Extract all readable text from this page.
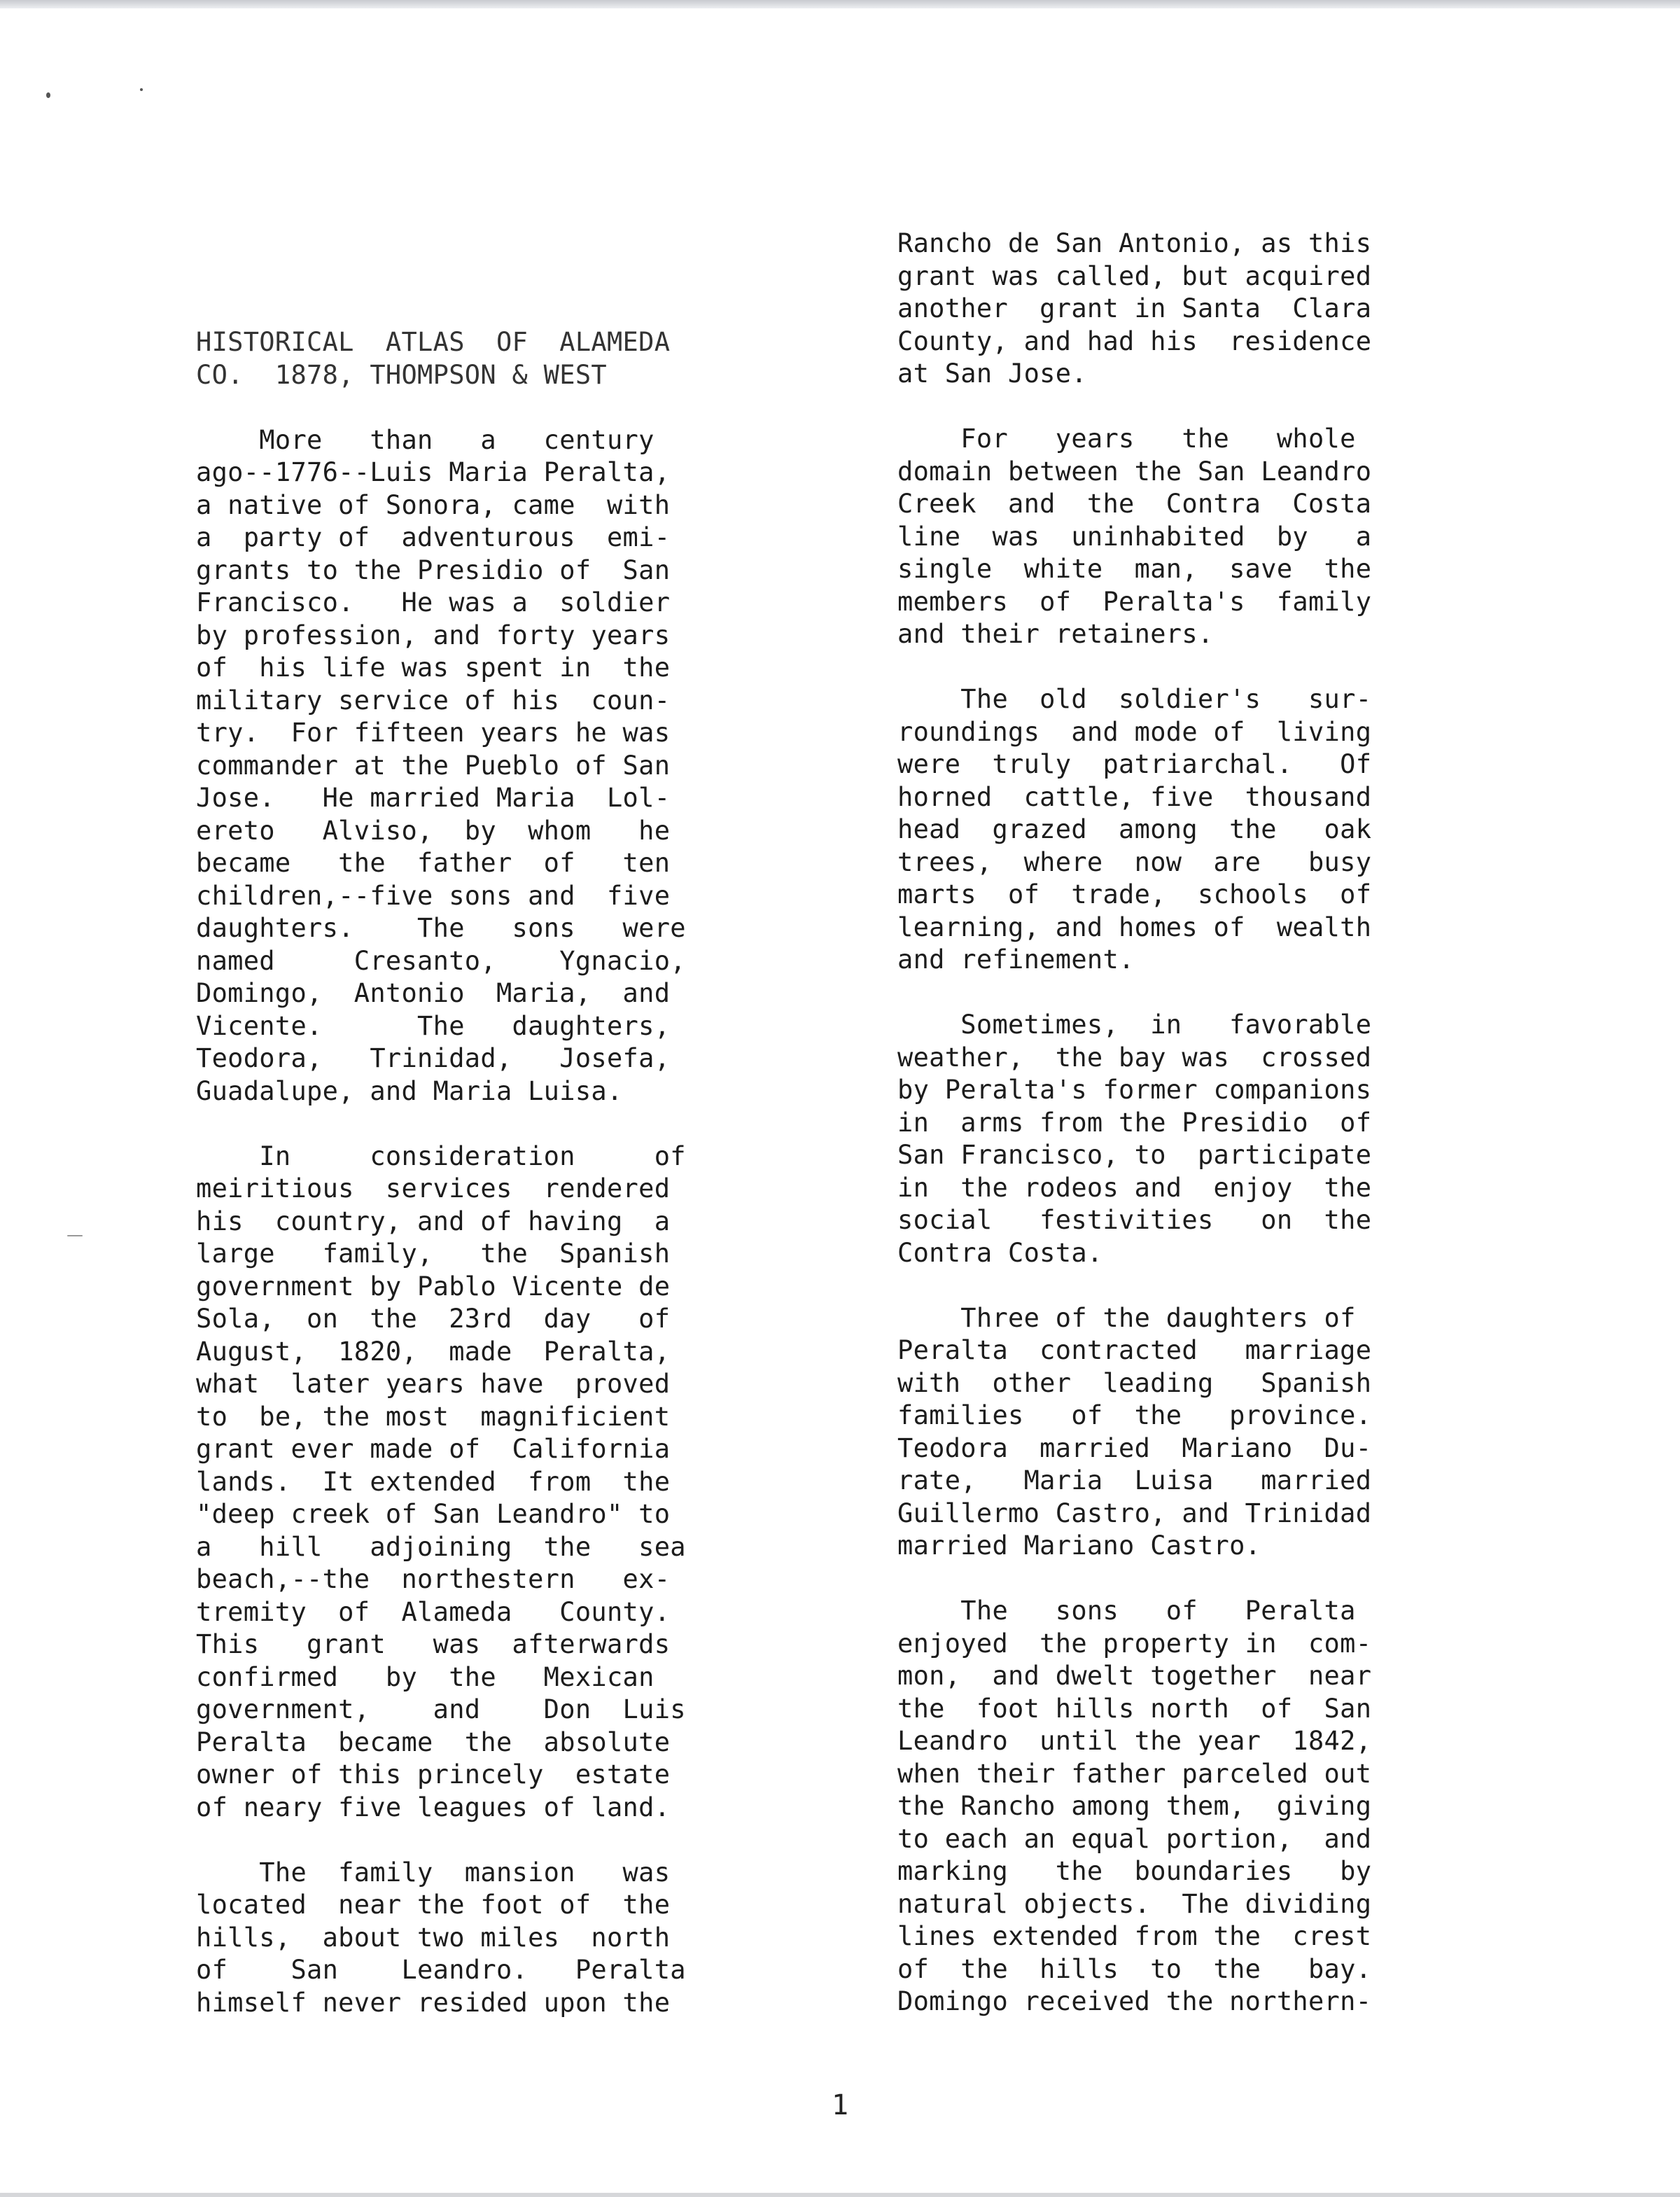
HISTORICAL  ATLAS  OF  ALAMEDA
CO.  1878, THOMPSON & WEST
More   than   a   century
ago--1776--Luis Maria Peralta,
a native of Sonora, came  with
a  party of  adventurous  emi-
grants to the Presidio of  San
Francisco.   He was a  soldier
by profession, and forty years
of  his life was spent in  the
military service of his  coun-
try.  For fifteen years he was
commander at the Pueblo of San
Jose.   He married Maria  Lol-
ereto   Alviso,  by  whom   he
became   the  father  of   ten
children,--five sons and  five
daughters.    The   sons   were
named     Cresanto,    Ygnacio,
Domingo,  Antonio  Maria,  and
Vicente.      The   daughters,
Teodora,   Trinidad,   Josefa,
Guadalupe, and Maria Luisa.
In     consideration     of
meiritious  services  rendered
his  country, and of having  a
large   family,   the  Spanish
government by Pablo Vicente de
Sola,  on  the  23rd  day   of
August,  1820,  made  Peralta,
what  later years have  proved
to  be, the most  magnificient
grant ever made of  California
lands.  It extended  from  the
"deep creek of San Leandro" to
a   hill   adjoining  the   sea
beach,--the  northestern   ex-
tremity  of  Alameda   County.
This   grant   was  afterwards
confirmed   by  the   Mexican
government,    and    Don  Luis
Peralta  became  the  absolute
owner of this princely  estate
of neary five leagues of land.
The  family  mansion   was
located  near the foot of  the
hills,  about two miles  north
of    San    Leandro.   Peralta
himself never resided upon the
Rancho de San Antonio, as this
grant was called, but acquired
another  grant in Santa  Clara
County, and had his  residence
at San Jose.
For   years   the   whole
domain between the San Leandro
Creek  and  the  Contra  Costa
line  was  uninhabited  by   a
single  white  man,  save  the
members  of  Peralta's  family
and their retainers.
The  old  soldier's   sur-
roundings  and mode of  living
were  truly  patriarchal.   Of
horned  cattle, five  thousand
head  grazed  among  the   oak
trees,  where  now  are   busy
marts  of  trade,  schools  of
learning, and homes of  wealth
and refinement.
Sometimes,  in   favorable
weather,  the bay was  crossed
by Peralta's former companions
in  arms from the Presidio  of
San Francisco, to  participate
in  the rodeos and  enjoy  the
social   festivities   on  the
Contra Costa.
Three of the daughters of
Peralta  contracted   marriage
with  other  leading   Spanish
families   of  the   province.
Teodora  married  Mariano  Du-
rate,   Maria  Luisa   married
Guillermo Castro, and Trinidad
married Mariano Castro.
The   sons   of   Peralta
enjoyed  the property in  com-
mon,  and dwelt together  near
the  foot hills north  of  San
Leandro  until the year  1842,
when their father parceled out
the Rancho among them,  giving
to each an equal portion,  and
marking   the  boundaries   by
natural objects.  The dividing
lines extended from the  crest
of  the  hills  to  the   bay.
Domingo received the northern-
1
